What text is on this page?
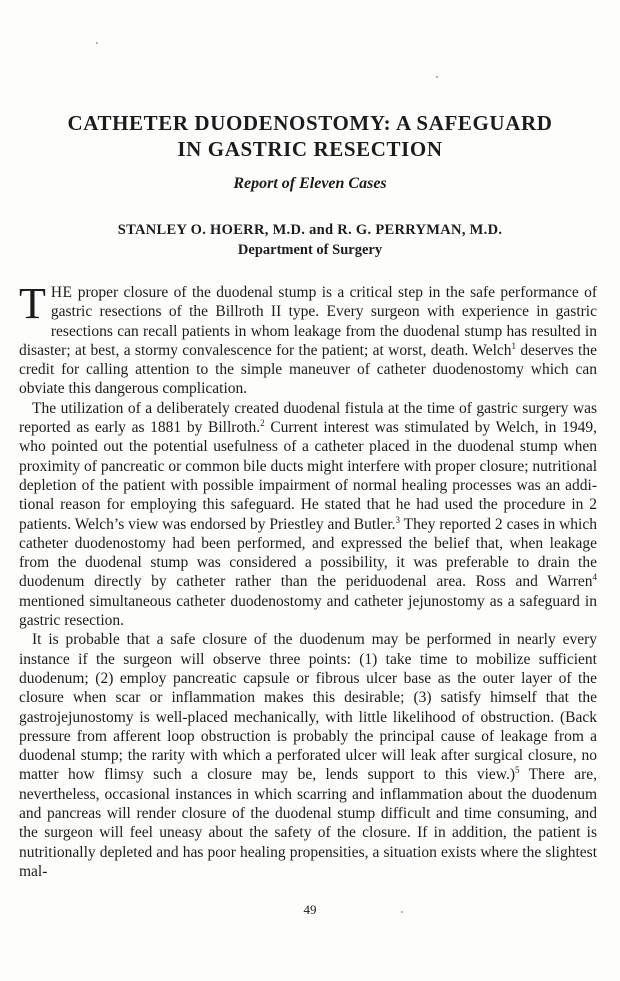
CATHETER DUODENOSTOMY: A SAFEGUARD
IN GASTRIC RESECTION
Report of Eleven Cases
STANLEY O. HOERR, M.D. and R. G. PERRYMAN, M.D.
Department of Surgery

THE proper closure of the duodenal stump is a critical step in the safe performance of gastric resections of the Billroth II type. Every surgeon with experience in gastric resections can recall patients in whom leakage from the duodenal stump has resulted in disaster; at best, a stormy convalescence for the patient; at worst, death. Welch$^1$ deserves the credit for calling attention to the simple maneuver of catheter duodenostomy which can obviate this dangerous complication.

The utilization of a deliberately created duodenal fistula at the time of gastric surgery was reported as early as 1881 by Billroth.$^2$ Current interest was stimulated by Welch, in 1949, who pointed out the potential usefulness of a catheter placed in the duodenal stump when proximity of pancreatic or common bile ducts might interfere with proper closure; nutritional depletion of the patient with possible impairment of normal healing processes was an additional reason for employing this safeguard. He stated that he had used the procedure in 2 patients. Welch’s view was endorsed by Priestley and Butler.$^3$ They reported 2 cases in which catheter duodenostomy had been performed, and expressed the belief that, when leakage from the duodenal stump was considered a possibility, it was preferable to drain the duodenum directly by catheter rather than the periduodenal area. Ross and Warren$^4$ mentioned simultaneous catheter duodenostomy and catheter jejunostomy as a safeguard in gastric resection.

It is probable that a safe closure of the duodenum may be performed in nearly every instance if the surgeon will observe three points: (1) take time to mobilize sufficient duodenum; (2) employ pancreatic capsule or fibrous ulcer base as the outer layer of the closure when scar or inflammation makes this desirable; (3) satisfy himself that the gastrojejunostomy is well-placed mechanically, with little likelihood of obstruction. (Back pressure from afferent loop obstruction is probably the principal cause of leakage from a duodenal stump; the rarity with which a perforated ulcer will leak after surgical closure, no matter how flimsy such a closure may be, lends support to this view.)$^5$ There are, nevertheless, occasional instances in which scarring and inflammation about the duodenum and pancreas will render closure of the duodenal stump difficult and time consuming, and the surgeon will feel uneasy about the safety of the closure. If in addition, the patient is nutritionally depleted and has poor healing propensities, a situation exists where the slightest mal-

49
